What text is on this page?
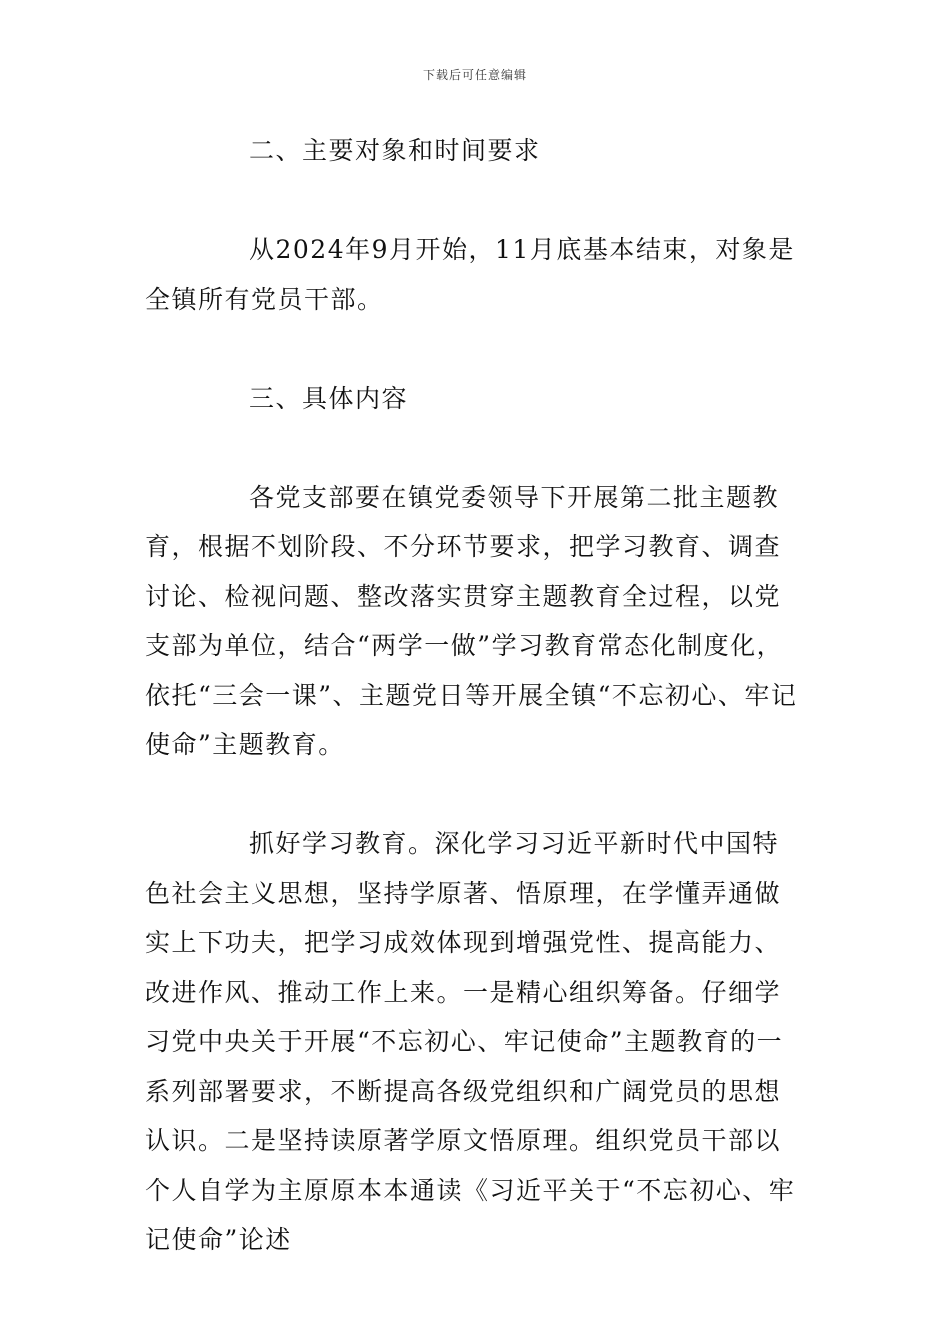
下载后可任意编辑

二、主要对象和时间要求

从2024年9月开始，11月底基本结束，对象是全镇所有党员干部。

三、具体内容

各党支部要在镇党委领导下开展第二批主题教育，根据不划阶段、不分环节要求，把学习教育、调查讨论、检视问题、整改落实贯穿主题教育全过程，以党支部为单位，结合“两学一做”学习教育常态化制度化，依托“三会一课”、主题党日等开展全镇“不忘初心、牢记使命”主题教育。

抓好学习教育。深化学习习近平新时代中国特色社会主义思想，坚持学原著、悟原理，在学懂弄通做实上下功夫，把学习成效体现到增强党性、提高能力、改进作风、推动工作上来。一是精心组织筹备。仔细学习党中央关于开展“不忘初心、牢记使命”主题教育的一系列部署要求，不断提高各级党组织和广阔党员的思想认识。二是坚持读原著学原文悟原理。组织党员干部以个人自学为主原原本本通读《习近平关于“不忘初心、牢记使命”论述
